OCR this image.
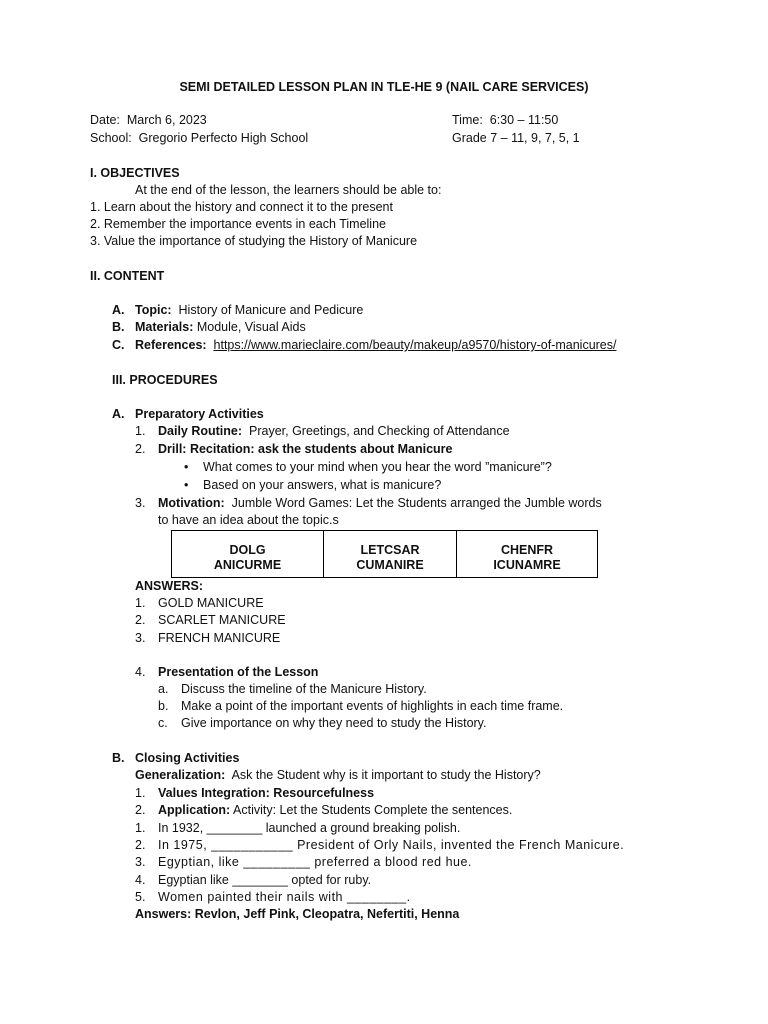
SEMI DETAILED LESSON PLAN IN TLE-HE 9 (NAIL CARE SERVICES)
Date: March 6, 2023	Time: 6:30 – 11:50
School: Gregorio Perfecto High School	Grade 7 – 11, 9, 7, 5, 1
I. OBJECTIVES
At the end of the lesson, the learners should be able to:
1. Learn about the history and connect it to the present
2. Remember the importance events in each Timeline
3. Value the importance of studying the History of Manicure
II. CONTENT
A. Topic: History of Manicure and Pedicure
B. Materials: Module, Visual Aids
C. References: https://www.marieclaire.com/beauty/makeup/a9570/history-of-manicures/
III. PROCEDURES
A. Preparatory Activities
1. Daily Routine: Prayer, Greetings, and Checking of Attendance
2. Drill: Recitation: ask the students about Manicure
•
What comes to your mind when you hear the word ”manicure”?
•
Based on your answers, what is manicure?
3. Motivation: Jumble Word Games: Let the Students arranged the Jumble words
to have an idea about the topic.s
DOLG
ANICURME
LETCSAR
CUMANIRE
CHENFR
ICUNAMRE
ANSWERS:
1. GOLD MANICURE
2. SCARLET MANICURE
3. FRENCH MANICURE
4. Presentation of the Lesson
a. Discuss the timeline of the Manicure History.
b. Make a point of the important events of highlights in each time frame.
c. Give importance on why they need to study the History.
B. Closing Activities
Generalization: Ask the Student why is it important to study the History?
1. Values Integration: Resourcefulness
2. Application: Activity: Let the Students Complete the sentences.
1. In 1932, ________ launched a ground breaking polish.
2. In 1975, ___________ President of Orly Nails, invented the French Manicure.
3. Egyptian, like _________ preferred a blood red hue.
4. Egyptian like ________ opted for ruby.
5. Women painted their nails with ________.
Answers: Revlon, Jeff Pink, Cleopatra, Nefertiti, Henna
